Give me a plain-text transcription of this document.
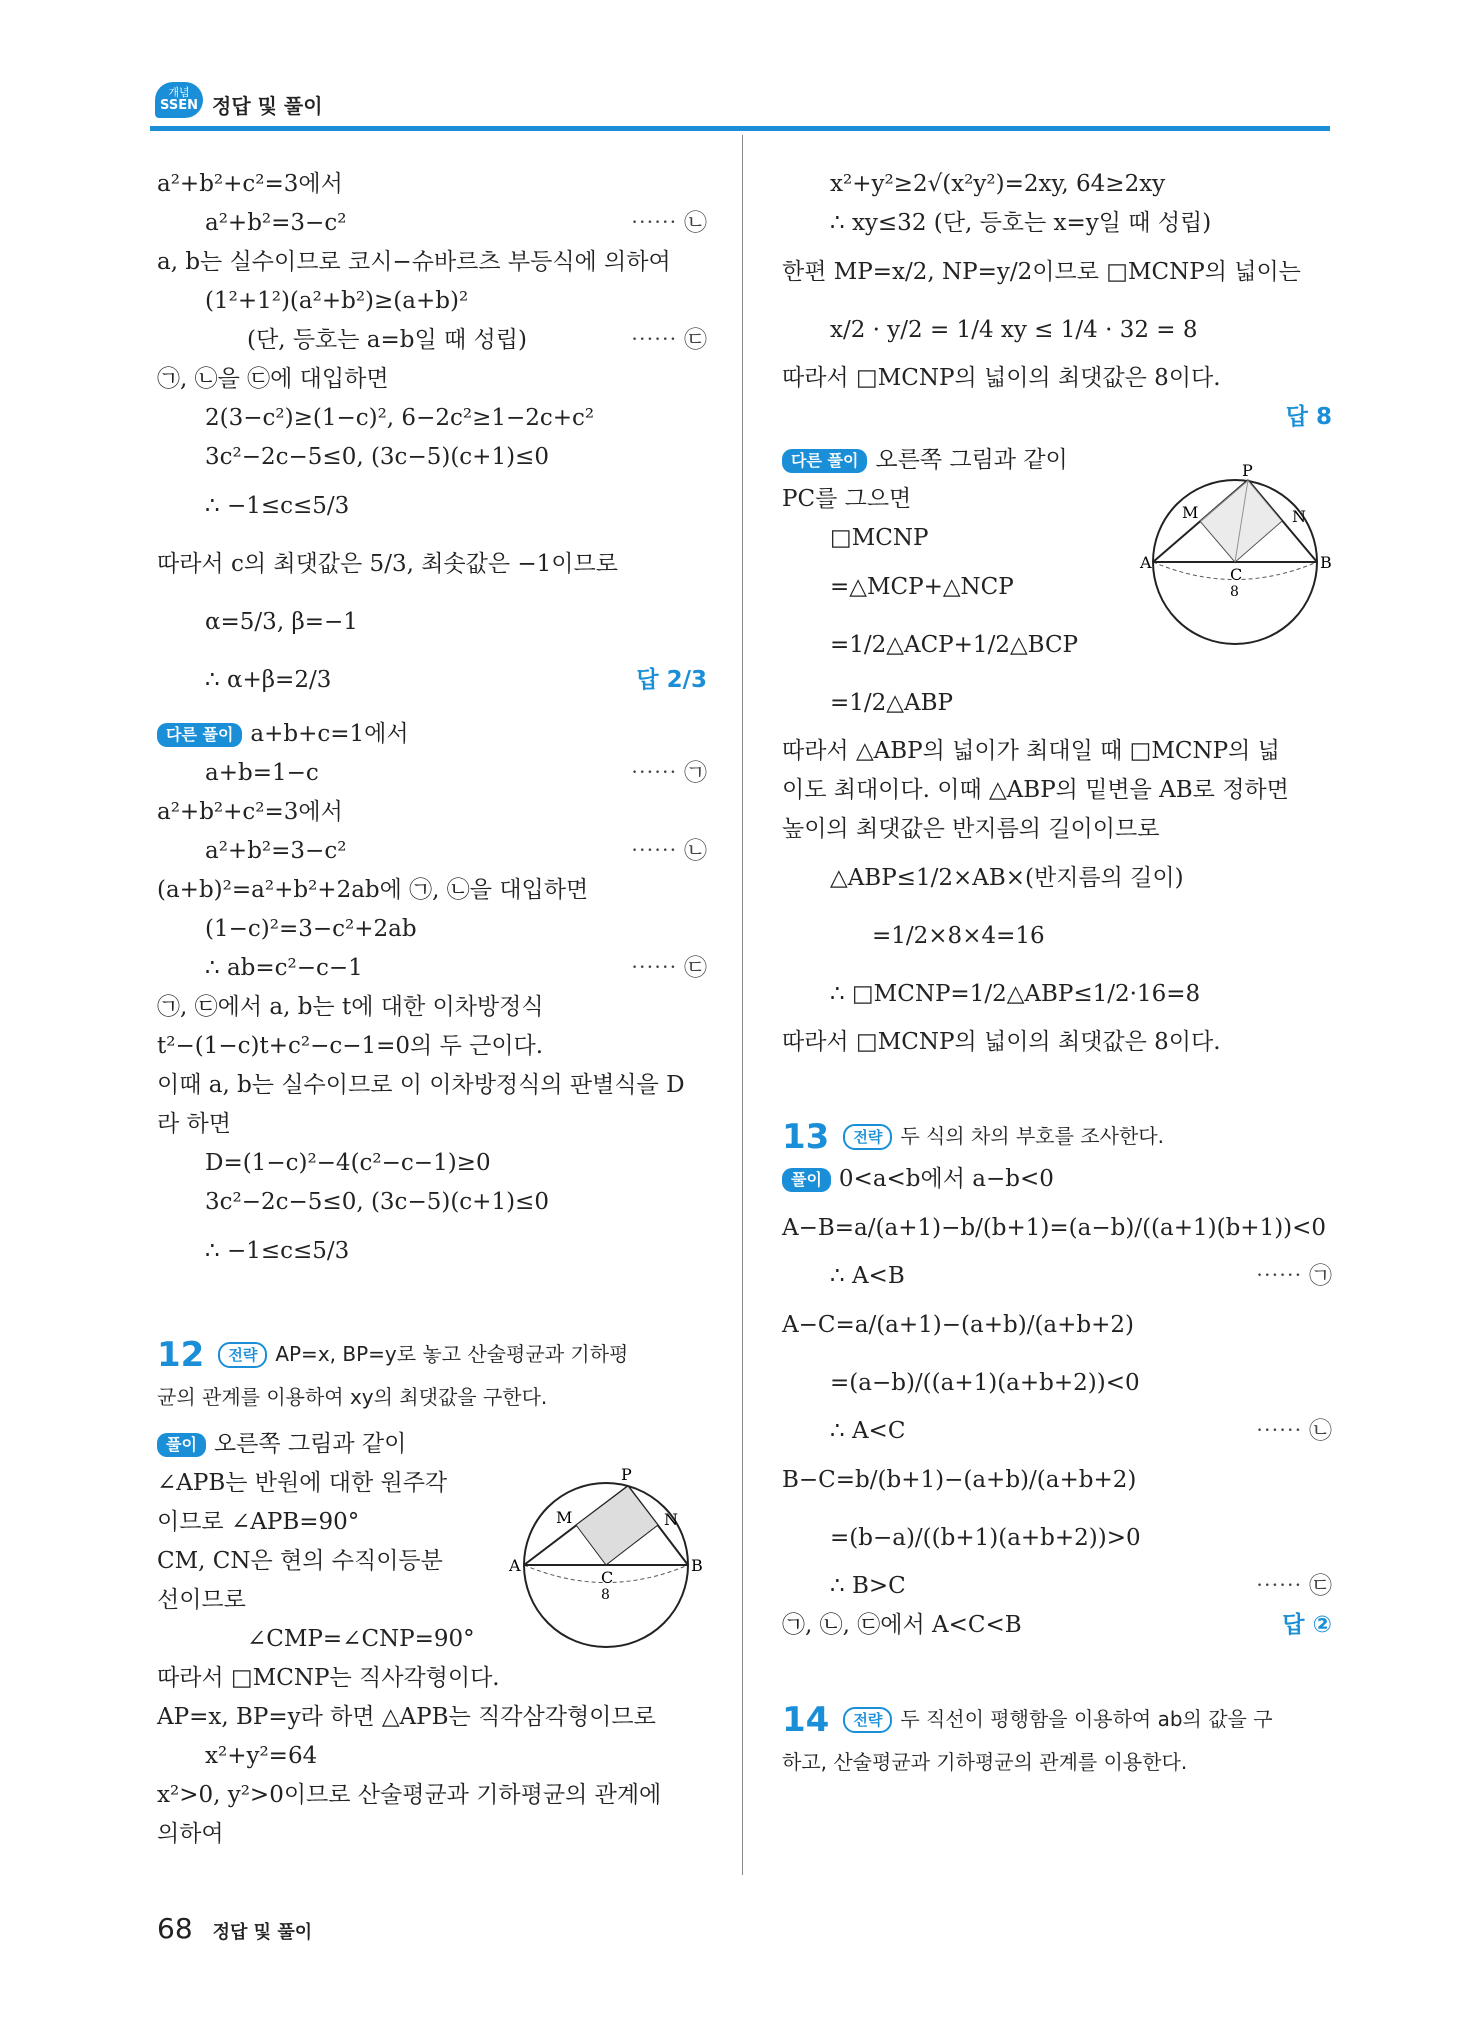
개념
SSEN 정답 및 풀이
a²+b²+c²=3에서
a²+b²=3−c²	⋯⋯ ㉡
a, b는 실수이므로 코시−슈바르츠 부등식에 의하여
(1²+1²)(a²+b²)≥(a+b)²
(단, 등호는 a=b일 때 성립)	⋯⋯ ㉢
㉠, ㉡을 ㉢에 대입하면
2(3−c²)≥(1−c)², 6−2c²≥1−2c+c²
3c²−2c−5≤0, (3c−5)(c+1)≤0
∴ −1≤c≤5/3
따라서 c의 최댓값은 5/3, 최솟값은 −1이므로
α=5/3, β=−1
∴ α+β=2/3	답 2/3
다른 풀이 a+b+c=1에서
a+b=1−c	⋯⋯ ㉠
a²+b²+c²=3에서
a²+b²=3−c²	⋯⋯ ㉡
(a+b)²=a²+b²+2ab에 ㉠, ㉡을 대입하면
(1−c)²=3−c²+2ab
∴ ab=c²−c−1	⋯⋯ ㉢
㉠, ㉢에서 a, b는 t에 대한 이차방정식
t²−(1−c)t+c²−c−1=0의 두 근이다.
이때 a, b는 실수이므로 이 이차방정식의 판별식을 D
라 하면
D=(1−c)²−4(c²−c−1)≥0
3c²−2c−5≤0, (3c−5)(c+1)≤0
∴ −1≤c≤5/3
12 전략 AP=x, BP=y로 놓고 산술평균과 기하평
균의 관계를 이용하여 xy의 최댓값을 구한다.
풀이 오른쪽 그림과 같이
∠APB는 반원에 대한 원주각
이므로 ∠APB=90°
CM, CN은 현의 수직이등분
선이므로
∠CMP=∠CNP=90°
따라서 □MCNP는 직사각형이다.
AP=x, BP=y라 하면 △APB는 직각삼각형이므로
x²+y²=64
x²>0, y²>0이므로 산술평균과 기하평균의 관계에
의하여
x²+y²≥2√(x²y²)=2xy, 64≥2xy
∴ xy≤32 (단, 등호는 x=y일 때 성립)
한편 MP=x/2, NP=y/2이므로 □MCNP의 넓이는
x/2 · y/2 = 1/4 xy ≤ 1/4 · 32 = 8
따라서 □MCNP의 넓이의 최댓값은 8이다.
답 8
다른 풀이 오른쪽 그림과 같이
PC를 그으면
□MCNP
=△MCP+△NCP
=1/2△ACP+1/2△BCP
=1/2△ABP
따라서 △ABP의 넓이가 최대일 때 □MCNP의 넓
이도 최대이다. 이때 △ABP의 밑변을 AB로 정하면
높이의 최댓값은 반지름의 길이이므로
△ABP≤1/2×AB×(반지름의 길이)
=1/2×8×4=16
∴ □MCNP=1/2△ABP≤1/2·16=8
따라서 □MCNP의 넓이의 최댓값은 8이다.
13 전략 두 식의 차의 부호를 조사한다.
풀이 0<a<b에서 a−b<0
A−B=a/(a+1)−b/(b+1)=(a−b)/((a+1)(b+1))<0
∴ A<B	⋯⋯ ㉠
A−C=a/(a+1)−(a+b)/(a+b+2)
=(a−b)/((a+1)(a+b+2))<0
∴ A<C	⋯⋯ ㉡
B−C=b/(b+1)−(a+b)/(a+b+2)
=(b−a)/((b+1)(a+b+2))>0
∴ B>C	⋯⋯ ㉢
㉠, ㉡, ㉢에서 A<C<B	답 ②
14 전략 두 직선이 평행함을 이용하여 ab의 값을 구
하고, 산술평균과 기하평균의 관계를 이용한다.
P
M	N
A	B
C
8
P
M	N
A	B
C
8
68 정답 및 풀이
